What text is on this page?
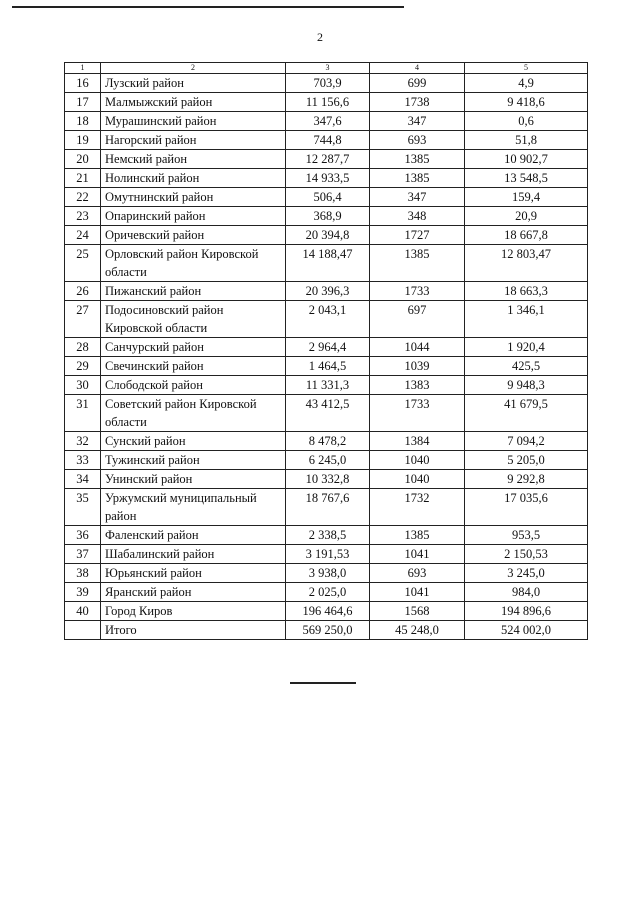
2
1	2	3	4	5
16	Лузский район	703,9	699	4,9
17	Малмыжский район	11 156,6	1738	9 418,6
18	Мурашинский район	347,6	347	0,6
19	Нагорский район	744,8	693	51,8
20	Немский район	12 287,7	1385	10 902,7
21	Нолинский район	14 933,5	1385	13 548,5
22	Омутнинский район	506,4	347	159,4
23	Опаринский район	368,9	348	20,9
24	Оричевский район	20 394,8	1727	18 667,8
25	Орловский район Кировской области	14 188,47	1385	12 803,47
26	Пижанский район	20 396,3	1733	18 663,3
27	Подосиновский район Кировской области	2 043,1	697	1 346,1
28	Санчурский район	2 964,4	1044	1 920,4
29	Свечинский район	1 464,5	1039	425,5
30	Слободской район	11 331,3	1383	9 948,3
31	Советский район Кировской области	43 412,5	1733	41 679,5
32	Сунский район	8 478,2	1384	7 094,2
33	Тужинский район	6 245,0	1040	5 205,0
34	Унинский район	10 332,8	1040	9 292,8
35	Уржумский муниципальный район	18 767,6	1732	17 035,6
36	Фаленский район	2 338,5	1385	953,5
37	Шабалинский район	3 191,53	1041	2 150,53
38	Юрьянский район	3 938,0	693	3 245,0
39	Яранский район	2 025,0	1041	984,0
40	Город Киров	196 464,6	1568	194 896,6
	Итого	569 250,0	45 248,0	524 002,0
